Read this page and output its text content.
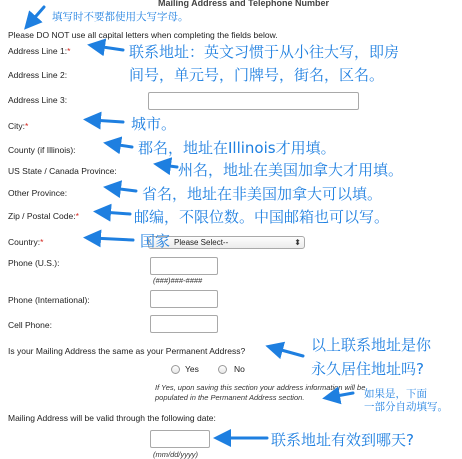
Mailing Address and Telephone Number
Please DO NOT use all capital letters when completing the fields below.
Address Line 1:*
Address Line 2:
Address Line 3:
City:*
County (if Illinois):
US State / Canada Province:
Other Province:
Zip / Postal Code:*
Country:*	Please Select--	⬍
Phone (U.S.):
(###)###-####
Phone (International):
Cell Phone:
Is your Mailing Address the same as your Permanent Address?
Yes	No
If Yes, upon saving this section your address information will be
populated in the Permanent Address section.
Mailing Address will be valid through the following date:
(mm/dd/yyyy)
填写时不要都使用大写字母。
联系地址：英文习惯于从小往大写，即房
间号，单元号，门牌号，街名，区名。
城市。
郡名，地址在Illinois才用填。
州名，地址在美国加拿大才用填。
省名，地址在非美国加拿大可以填。
邮编，不限位数。中国邮箱也可以写。
国家
以上联系地址是你
永久居住地址吗?
如果是，下面
一部分自动填写。
联系地址有效到哪天?
